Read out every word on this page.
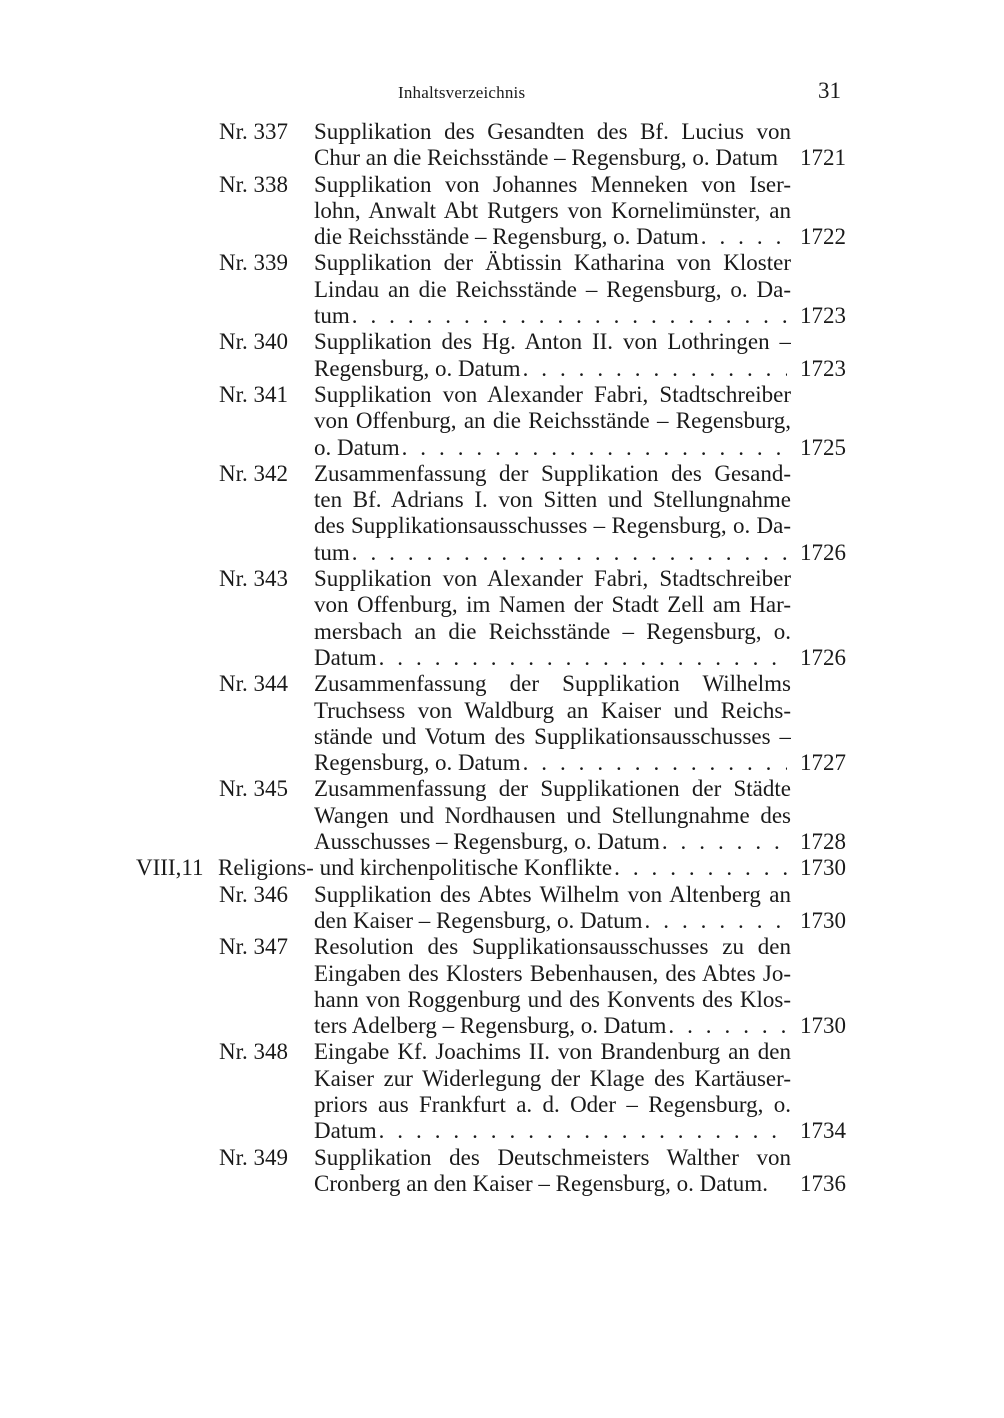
Inhaltsverzeichnis	31
Nr. 337 Supplikation des Gesandten des Bf. Lucius von
Chur an die Reichsstände – Regensburg, o. Datum 1721
Nr. 338 Supplikation von Johannes Menneken von Iser-
lohn, Anwalt Abt Rutgers von Kornelimünster, an
die Reichsstände – Regensburg, o. Datum . . .	1722
Nr. 339 Supplikation der Äbtissin Katharina von Kloster
Lindau an die Reichsstände – Regensburg, o. Da-
tum . . .	1723
Nr. 340 Supplikation des Hg. Anton II. von Lothringen –
Regensburg, o. Datum . . .	1723
Nr. 341 Supplikation von Alexander Fabri, Stadtschreiber
von Offenburg, an die Reichsstände – Regensburg,
o. Datum . . .	1725
Nr. 342 Zusammenfassung der Supplikation des Gesand-
ten Bf. Adrians I. von Sitten und Stellungnahme
des Supplikationsausschusses – Regensburg, o. Da-
tum . . .	1726
Nr. 343 Supplikation von Alexander Fabri, Stadtschreiber
von Offenburg, im Namen der Stadt Zell am Har-
mersbach an die Reichsstände – Regensburg, o.
Datum . . .	1726
Nr. 344 Zusammenfassung der Supplikation Wilhelms
Truchsess von Waldburg an Kaiser und Reichs-
stände und Votum des Supplikationsausschusses –
Regensburg, o. Datum . . .	1727
Nr. 345 Zusammenfassung der Supplikationen der Städte
Wangen und Nordhausen und Stellungnahme des
Ausschusses – Regensburg, o. Datum . . .	1728
VIII,11 Religions- und kirchenpolitische Konflikte . . .	1730
Nr. 346 Supplikation des Abtes Wilhelm von Altenberg an
den Kaiser – Regensburg, o. Datum . . .	1730
Nr. 347 Resolution des Supplikationsausschusses zu den
Eingaben des Klosters Bebenhausen, des Abtes Jo-
hann von Roggenburg und des Konvents des Klos-
ters Adelberg – Regensburg, o. Datum . . .	1730
Nr. 348 Eingabe Kf. Joachims II. von Brandenburg an den
Kaiser zur Widerlegung der Klage des Kartäuser-
priors aus Frankfurt a. d. Oder – Regensburg, o.
Datum . . .	1734
Nr. 349 Supplikation des Deutschmeisters Walther von
Cronberg an den Kaiser – Regensburg, o. Datum. 1736
